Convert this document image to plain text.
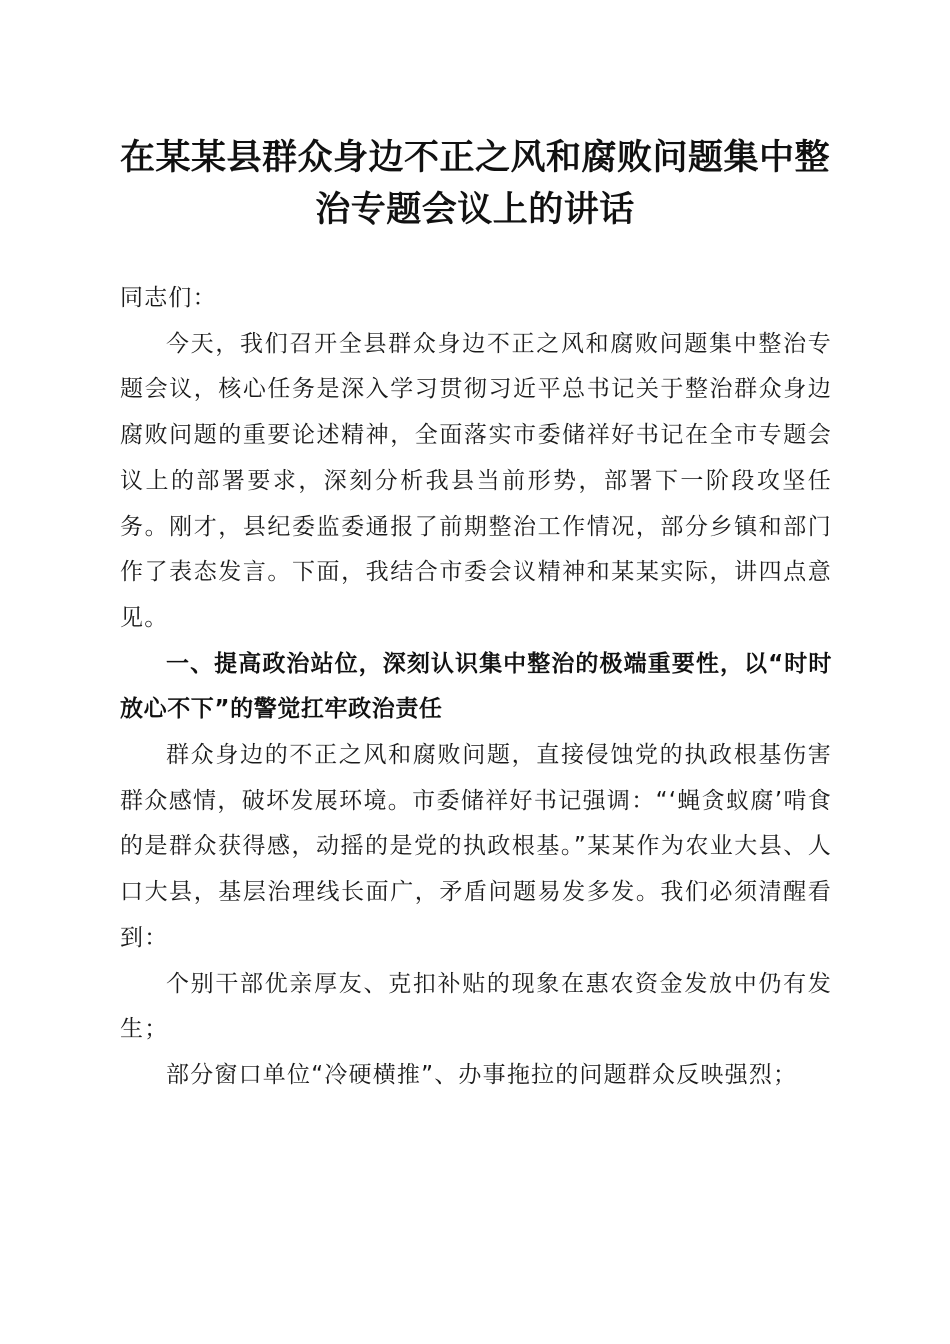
在某某县群众身边不正之风和腐败问题集中整
治专题会议上的讲话

同志们：

今天，我们召开全县群众身边不正之风和腐败问题集中整治专题会议，核心任务是深入学习贯彻习近平总书记关于整治群众身边腐败问题的重要论述精神，全面落实市委储祥好书记在全市专题会议上的部署要求，深刻分析我县当前形势，部署下一阶段攻坚任务。刚才，县纪委监委通报了前期整治工作情况，部分乡镇和部门作了表态发言。下面，我结合市委会议精神和某某实际，讲四点意见。

一、提高政治站位，深刻认识集中整治的极端重要性，以“时时放心不下”的警觉扛牢政治责任

群众身边的不正之风和腐败问题，直接侵蚀党的执政根基伤害群众感情，破坏发展环境。市委储祥好书记强调：“‘蝇贪蚁腐’啃食的是群众获得感，动摇的是党的执政根基。”某某作为农业大县、人口大县，基层治理线长面广，矛盾问题易发多发。我们必须清醒看到：

个别干部优亲厚友、克扣补贴的现象在惠农资金发放中仍有发生；

部分窗口单位“冷硬横推”、办事拖拉的问题群众反映强烈；
